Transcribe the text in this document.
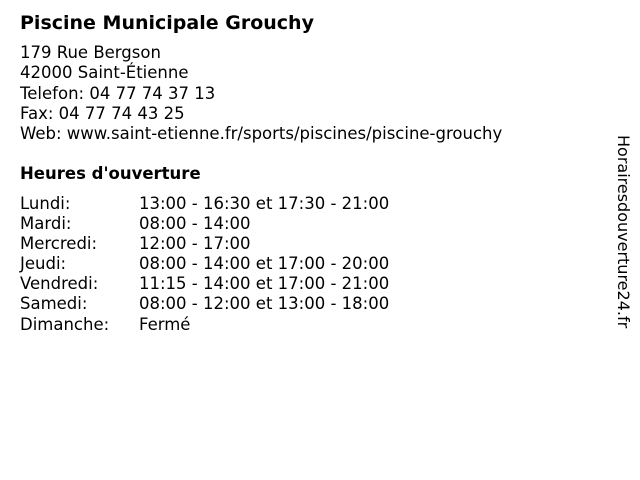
Piscine Municipale Grouchy
179 Rue Bergson
42000 Saint-Étienne
Telefon: 04 77 74 37 13
Fax: 04 77 74 43 25
Web: www.saint-etienne.fr/sports/piscines/piscine-grouchy
Heures d'ouverture
Lundi:	13:00 - 16:30 et 17:30 - 21:00
Mardi:	08:00 - 14:00
Mercredi:	12:00 - 17:00
Jeudi:	08:00 - 14:00 et 17:00 - 20:00
Vendredi: 11:15 - 14:00 et 17:00 - 21:00
Samedi:	08:00 - 12:00 et 13:00 - 18:00
Dimanche: Fermé	Horairesdouverture24.fr
